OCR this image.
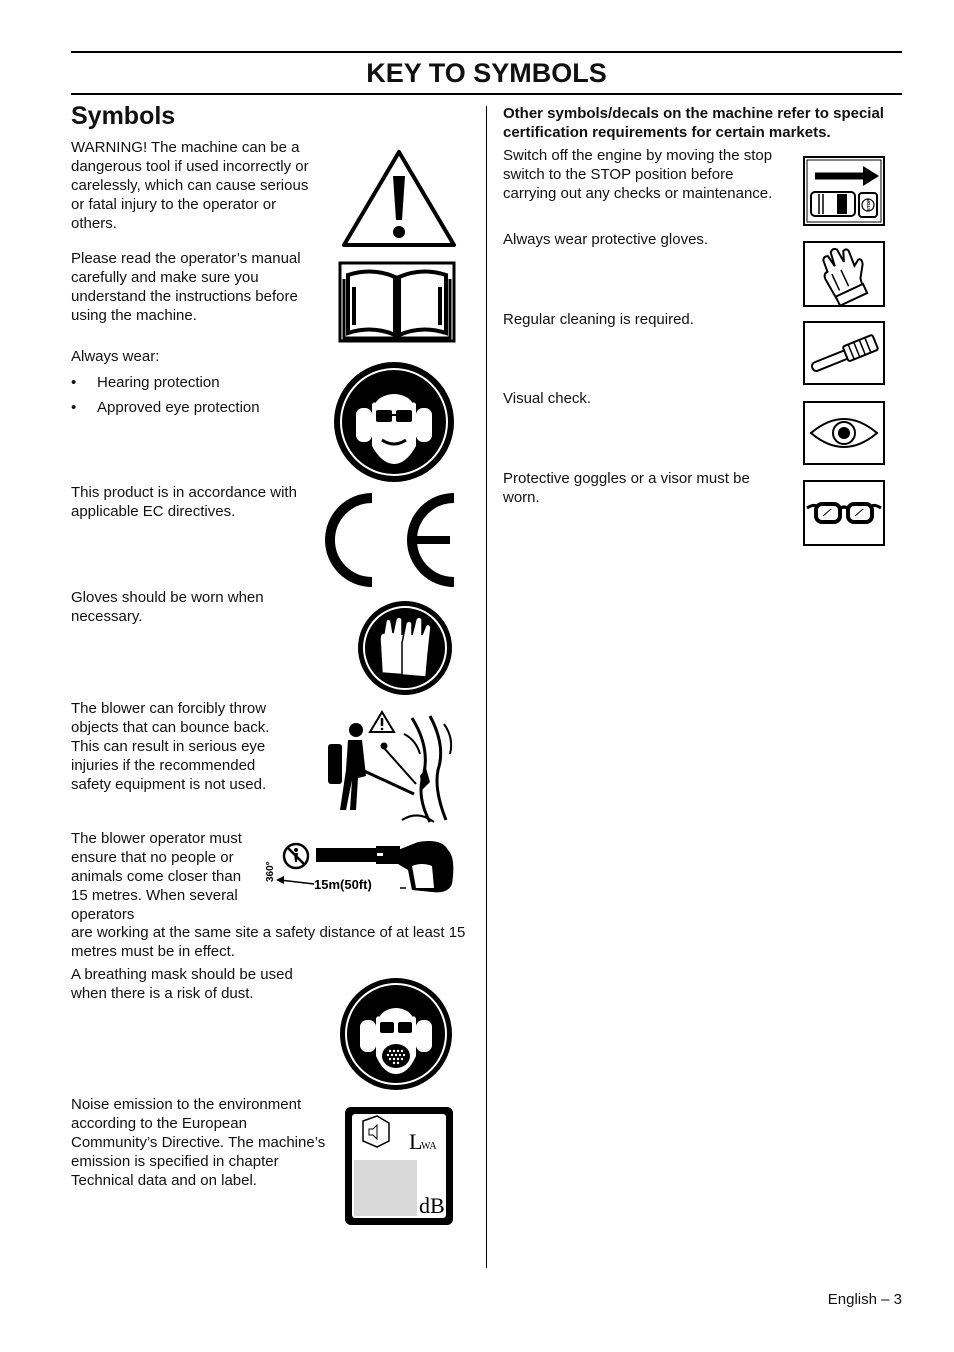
KEY TO SYMBOLS
Symbols

WARNING! The machine can be a dangerous tool if used incorrectly or carelessly, which can cause serious or fatal injury to the operator or others.

Please read the operator’s manual carefully and make sure you understand the instructions before using the machine.

Always wear:

• Hearing protection
• Approved eye protection

This product is in accordance with applicable EC directives.

Gloves should be worn when necessary.

The blower can forcibly throw objects that can bounce back. This can result in serious eye injuries if the recommended safety equipment is not used.

The blower operator must ensure that no people or animals come closer than 15 metres. When several operators

360°
15m(50ft)

are working at the same site a safety distance of at least 15 metres must be in effect.

A breathing mask should be used when there is a risk of dust.

Noise emission to the environment according to the European Community’s Directive. The machine’s emission is specified in chapter Technical data and on label.

L
WA
dB

Other symbols/decals on the machine refer to special certification requirements for certain markets.

Switch off the engine by moving the stop switch to the STOP position before carrying out any checks or maintenance.

STOP

Always wear protective gloves.

Regular cleaning is required.

Visual check.

Protective goggles or a visor must be worn.

English – 3
